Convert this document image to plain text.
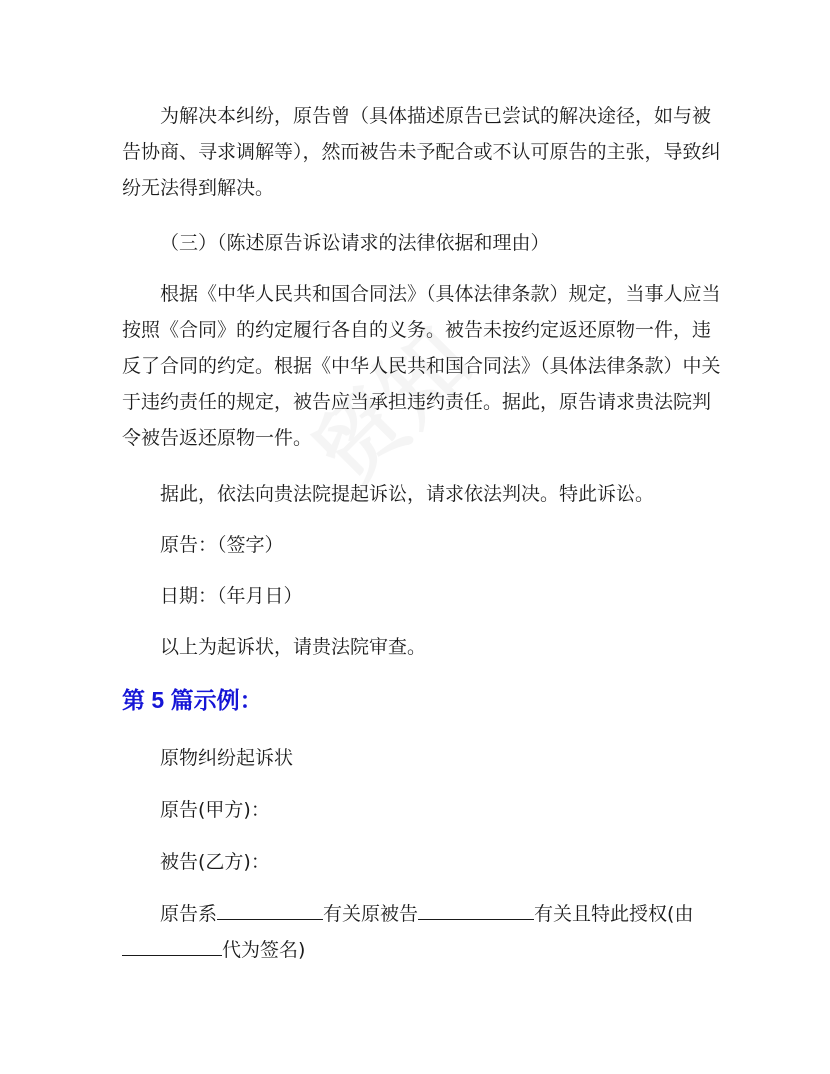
为解决本纠纷，原告曾（具体描述原告已尝试的解决途径，如与被告协商、寻求调解等），然而被告未予配合或不认可原告的主张，导致纠纷无法得到解决。

（三）（陈述原告诉讼请求的法律依据和理由）

根据《中华人民共和国合同法》（具体法律条款）规定，当事人应当按照《合同》的约定履行各自的义务。被告未按约定返还原物一件，违反了合同的约定。根据《中华人民共和国合同法》（具体法律条款）中关于违约责任的规定，被告应当承担违约责任。据此，原告请求贵法院判令被告返还原物一件。

据此，依法向贵法院提起诉讼，请求依法判决。特此诉讼。

原告：（签字）

日期：（年月日）

以上为起诉状，请贵法院审查。

第 5 篇示例：

原物纠纷起诉状

原告(甲方)：

被告(乙方)：

原告系	有关原被告	有关且特此授权(由
代为签名)
